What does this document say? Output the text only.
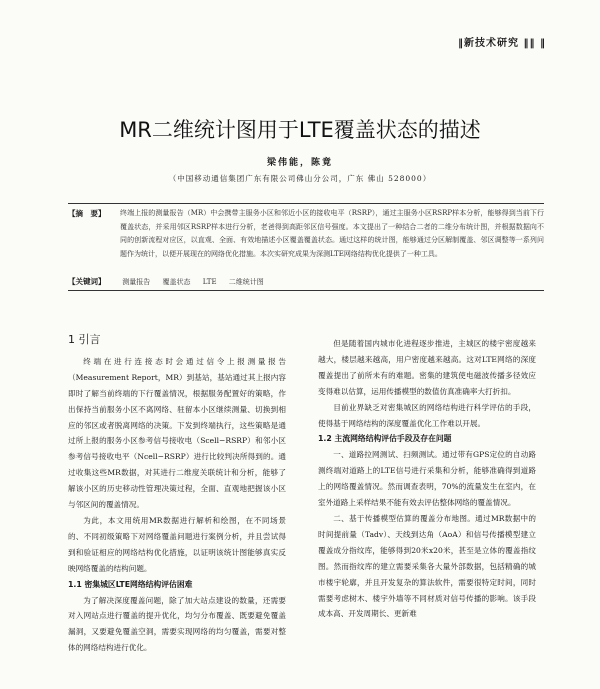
‖新技术研究 ‖‖ ‖
MR二维统计图用于LTE覆盖状态的描述
梁伟能，陈竟
（中国移动通信集团广东有限公司佛山分公司，广东 佛山 528000）
【摘　要】	终端上报的测量报告（MR）中会携带主服务小区和邻近小区的接收电平（RSRP），通过主服务小区RSRP样本分析，能够得到当前下行覆盖状态，并采用邻区RSRP样本进行分析，老爸得到高距邻区信号强度。本文提出了一种结合二者的二维分布统计图，并根据数据向不同的创新流程对应区，以直观、全面、有效地描述小区覆盖覆盖状态。通过这样的统计图，能够通过分区解制覆盖、邻区调整等一系列问题作为统计，以便开展现在的网络优化措施。本次实研究成果为深测LTE网络结构优化提供了一种工具。
【关键词】 测量报告 覆盖状态 LTE 二维统计图
1 引言

终端在进行连接态时会通过信令上报测量报告（Measurement Report，MR）到基站，基站通过其上报内容即时了解当前终端的下行覆盖情况，根据服务配置好的策略，作出保持当前服务小区不离网络、驻留本小区继续测量、切换到相应的邻区或者脱离网络的决策。下发到终端执行，这些策略是通过所上报的服务小区参考信号接收电（Scell−RSRP）和邻小区参考信号接收电平（Ncell−RSRP）进行比较判决所得到的。通过收集这些MR数据，对其进行二维度关联统计和分析，能够了解该小区的历史移动性管理决策过程，全面、直观地把握该小区与邻区间的覆盖情况。

为此，本文用统用MR数据进行解析和绘图，在不同场景的、不同初级策略下对网络覆盖问题进行案例分析，并且尝试得到和验证相应的网络结构优化措施，以证明该统计图能够真实反映网络覆盖的结构问题。

1.1 密集城区LTE网络结构评估困难

为了解决深度覆盖问题，除了加大站点建设的数量，还需要对入网站点进行覆盖的提升优化，均匀分布覆盖、既要避免覆盖漏洞，又要避免覆盖空洞，需要实现网络的均匀覆盖，需要对整体的网络结构进行优化。

但是随着国内城市化进程逐步推进，主城区的楼宇密度越来越大，楼层越来越高，用户密度越来越高。这对LTE网络的深度覆盖提出了前所未有的难题。密集的建筑使电磁波传播多径效应变得难以估算，运用传播模型的数值仿真准确率大打折扣。

目前业界缺乏对密集城区的网络结构进行科学评估的手段，使得基于网络结构的深度覆盖优化工作难以开展。

1.2 主流网络结构评估手段及存在问题

一、道路拉网测试、扫频测试。通过带有GPS定位的自动路测终端对道路上的LTE信号进行采集和分析，能够准确得到道路上的网络覆盖情况。然而调查表明，70%的流量发生在室内，在室外道路上采样结果不能有效去评估整体网络的覆盖情况。

二、基于传播模型估算的覆盖分布地图。通过MR数据中的时间提前量（Tadv）、天线到达角（AoA）和信号传播模型建立覆盖成分指纹库，能够得到20米x20米，甚至是立体的覆盖指纹图。然而指纹库的建立需要采集各大量外部数据，包括精确的城市楼宇轮廓，并且开发复杂的算法软件，需要很特定时间，同时需要考虑树木、楼宇外墙等不同材质对信号传播的影响。该手段成本高、开发周期长、更新难
